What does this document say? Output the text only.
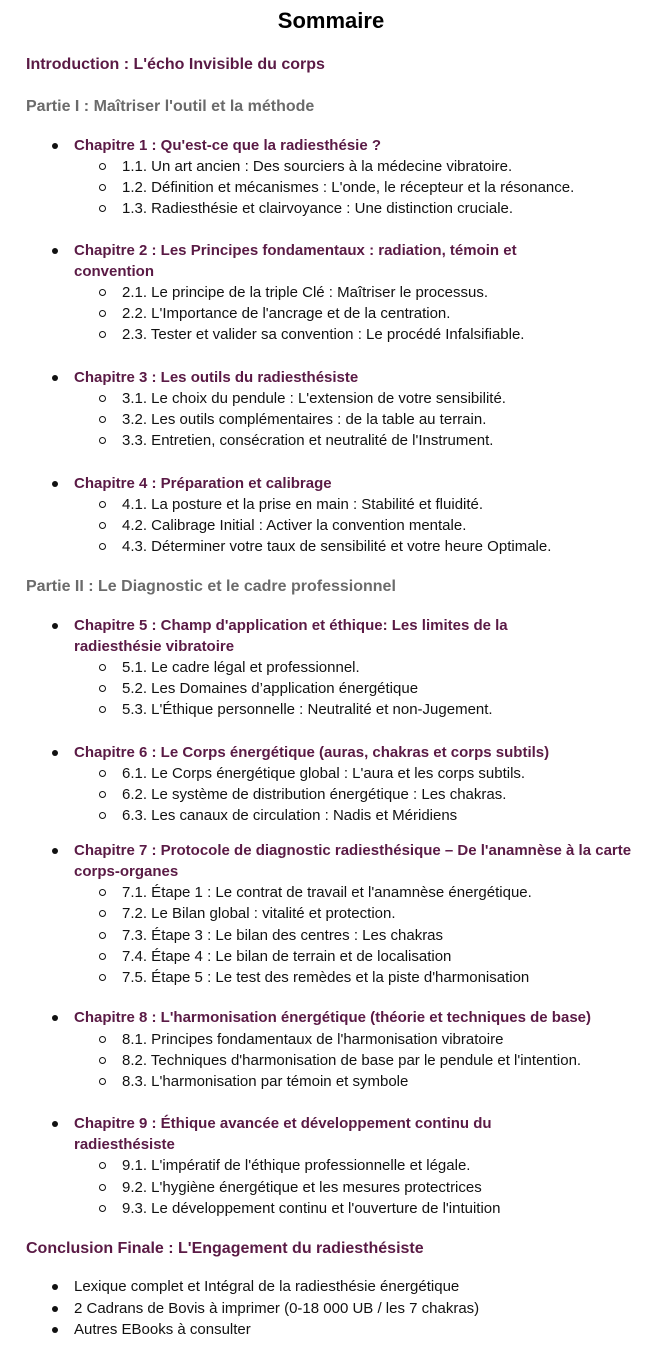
Sommaire
Introduction : L'écho Invisible du corps
Partie I : Maîtriser l'outil et la méthode
Chapitre 1 : Qu'est-ce que la radiesthésie ?
1.1. Un art ancien : Des sourciers à la médecine vibratoire.
1.2. Définition et mécanismes : L'onde, le récepteur et la résonance.
1.3. Radiesthésie et clairvoyance : Une distinction cruciale.
Chapitre 2 : Les Principes fondamentaux : radiation, témoin et convention
2.1. Le principe de la triple Clé : Maîtriser le processus.
2.2. L'Importance de l'ancrage et de la centration.
2.3. Tester et valider sa convention : Le procédé Infalsifiable.
Chapitre 3 : Les outils du radiesthésiste
3.1. Le choix du pendule : L'extension de votre sensibilité.
3.2. Les outils complémentaires : de la table au terrain.
3.3. Entretien, consécration et neutralité de l'Instrument.
Chapitre 4 : Préparation et calibrage
4.1. La posture et la prise en main : Stabilité et fluidité.
4.2. Calibrage Initial : Activer la convention mentale.
4.3. Déterminer votre taux de sensibilité et votre heure Optimale.
Partie II : Le Diagnostic et le cadre professionnel
Chapitre 5 : Champ d'application et éthique: Les limites de la radiesthésie vibratoire
5.1. Le cadre légal et professionnel.
5.2. Les Domaines d’application énergétique
5.3. L'Éthique personnelle : Neutralité et non-Jugement.
Chapitre 6 : Le Corps énergétique (auras, chakras et corps subtils)
6.1. Le Corps énergétique global : L'aura et les corps subtils.
6.2. Le système de distribution énergétique : Les chakras.
6.3. Les canaux de circulation : Nadis et Méridiens
Chapitre 7 : Protocole de diagnostic radiesthésique – De l'anamnèse à la carte corps-organes
7.1. Étape 1 : Le contrat de travail et l'anamnèse énergétique.
7.2. Le Bilan global : vitalité et protection.
7.3. Étape 3 : Le bilan des centres : Les chakras
7.4. Étape 4 : Le bilan de terrain et de localisation
7.5. Étape 5 : Le test des remèdes et la piste d'harmonisation
Chapitre 8 : L'harmonisation énergétique (théorie et techniques de base)
8.1. Principes fondamentaux de l'harmonisation vibratoire
8.2. Techniques d'harmonisation de base par le pendule et l'intention.
8.3. L'harmonisation par témoin et symbole
Chapitre 9 : Éthique avancée et développement continu du radiesthésiste
9.1. L'impératif de l'éthique professionnelle et légale.
9.2. L'hygiène énergétique et les mesures protectrices
9.3. Le développement continu et l'ouverture de l'intuition
Conclusion Finale : L'Engagement du radiesthésiste
Lexique complet et Intégral de la radiesthésie énergétique
2 Cadrans de Bovis à imprimer (0-18 000 UB / les 7 chakras)
Autres EBooks à consulter
